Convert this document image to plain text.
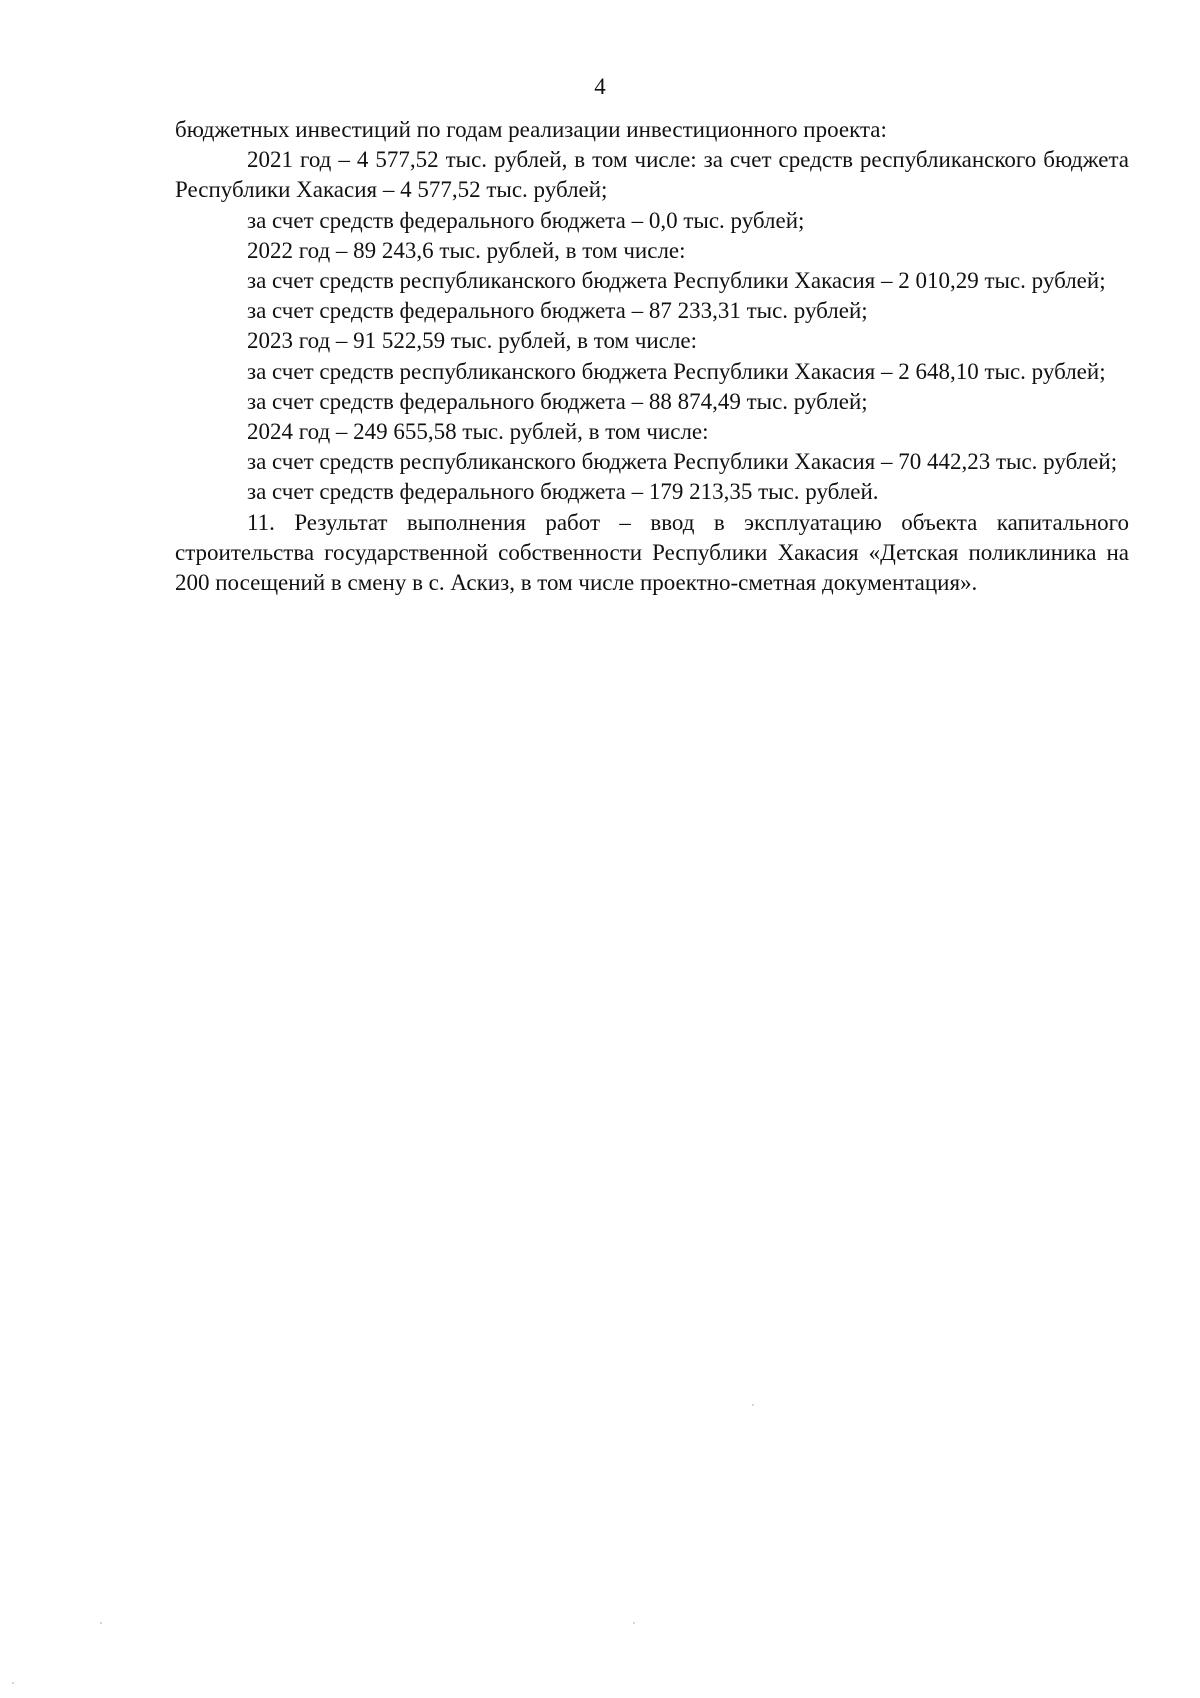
4

бюджетных инвестиций по годам реализации инвестиционного проекта:

2021 год – 4 577,52 тыс. рублей, в том числе: за счет средств республиканского бюджета Республики Хакасия – 4 577,52 тыс. рублей;

за счет средств федерального бюджета – 0,0 тыс. рублей;

2022 год – 89 243,6 тыс. рублей, в том числе:

за счет средств республиканского бюджета Республики Хакасия – 2 010,29 тыс. рублей;

за счет средств федерального бюджета – 87 233,31 тыс. рублей;

2023 год – 91 522,59 тыс. рублей, в том числе:

за счет средств республиканского бюджета Республики Хакасия – 2 648,10 тыс. рублей;

за счет средств федерального бюджета – 88 874,49 тыс. рублей;

2024 год – 249 655,58 тыс. рублей, в том числе:

за счет средств республиканского бюджета Республики Хакасия – 70 442,23 тыс. рублей;

за счет средств федерального бюджета – 179 213,35 тыс. рублей.

11. Результат выполнения работ – ввод в эксплуатацию объекта капитального строительства государственной собственности Республики Хакасия «Детская поликлиника на 200 посещений в смену в с. Аскиз, в том числе проектно-сметная документация».
